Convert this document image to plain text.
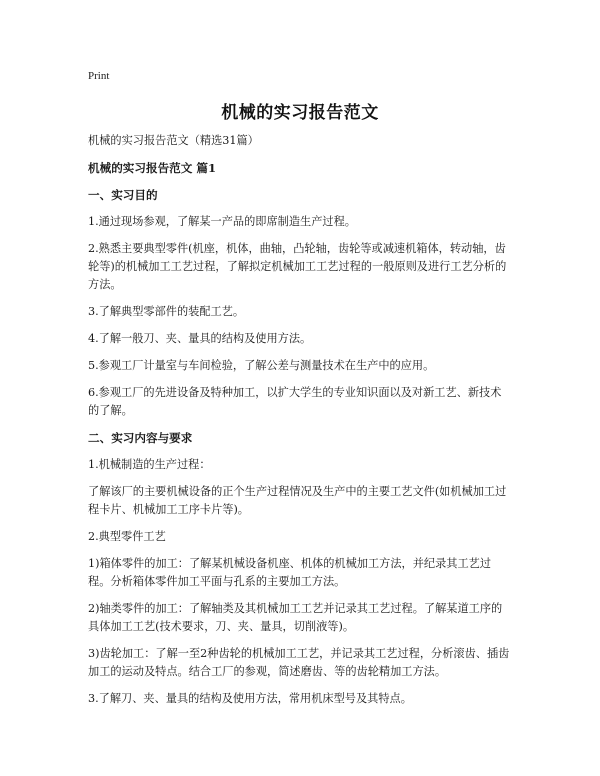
Print
机械的实习报告范文

机械的实习报告范文（精选31篇）

机械的实习报告范文 篇1
一、实习目的

1.通过现场参观，了解某一产品的即席制造生产过程。

2.熟悉主要典型零件(机座，机体，曲轴，凸轮轴，齿轮等或减速机箱体，转动轴，齿轮等)的机械加工工艺过程，了解拟定机械加工工艺过程的一般原则及进行工艺分析的方法。

3.了解典型零部件的装配工艺。

4.了解一般刀、夹、量具的结构及使用方法。

5.参观工厂计量室与车间检验，了解公差与测量技术在生产中的应用。

6.参观工厂的先进设备及特种加工，以扩大学生的专业知识面以及对新工艺、新技术的了解。

二、实习内容与要求

1.机械制造的生产过程：

了解该厂的主要机械设备的正个生产过程情况及生产中的主要工艺文件(如机械加工过程卡片、机械加工工序卡片等)。

2.典型零件工艺

1)箱体零件的加工：了解某机械设备机座、机体的机械加工方法，并纪录其工艺过程。分析箱体零件加工平面与孔系的主要加工方法。

2)轴类零件的加工：了解轴类及其机械加工工艺并记录其工艺过程。了解某道工序的具体加工工艺(技术要求，刀、夹、量具，切削液等)。

3)齿轮加工：了解一至2种齿轮的机械加工工艺，并记录其工艺过程，分析滚齿、插齿加工的运动及特点。结合工厂的参观，简述磨齿、等的齿轮精加工方法。

3.了解刀、夹、量具的结构及使用方法，常用机床型号及其特点。
